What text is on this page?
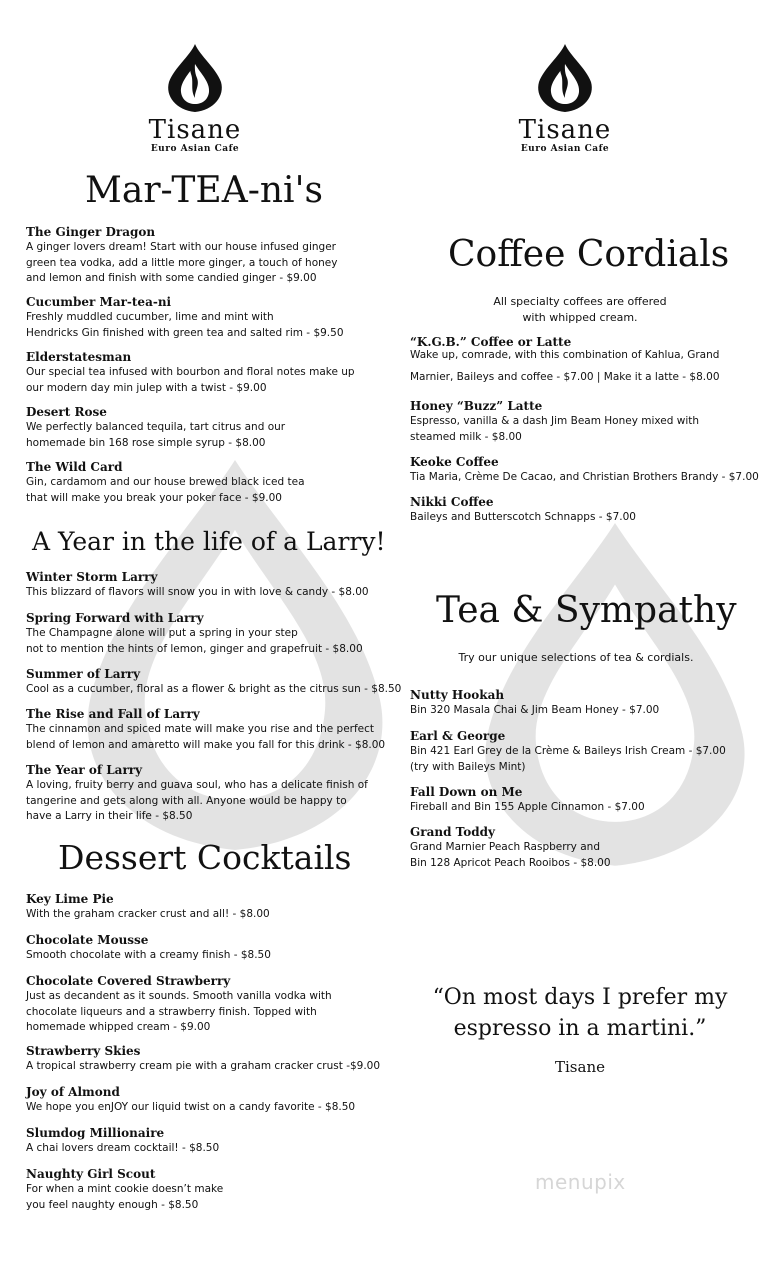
Tisane
Euro Asian Cafe
Tisane
Euro Asian Cafe
Mar-TEA-ni's
The Ginger Dragon
A ginger lovers dream! Start with our house infused ginger
green tea vodka, add a little more ginger, a touch of honey
and lemon and finish with some candied ginger - $9.00
Cucumber Mar-tea-ni
Freshly muddled cucumber, lime and mint with
Hendricks Gin finished with green tea and salted rim - $9.50
Elderstatesman
Our special tea infused with bourbon and floral notes make up
our modern day min julep with a twist - $9.00
Desert Rose
We perfectly balanced tequila, tart citrus and our
homemade bin 168 rose simple syrup - $8.00
The Wild Card
Gin, cardamom and our house brewed black iced tea
that will make you break your poker face - $9.00
A Year in the life of a Larry!
Winter Storm Larry
This blizzard of flavors will snow you in with love & candy - $8.00
Spring Forward with Larry
The Champagne alone will put a spring in your step
not to mention the hints of lemon, ginger and grapefruit - $8.00
Summer of Larry
Cool as a cucumber, floral as a flower & bright as the citrus sun - $8.50
The Rise and Fall of Larry
The cinnamon and spiced mate will make you rise and the perfect
blend of lemon and amaretto will make you fall for this drink - $8.00
The Year of Larry
A loving, fruity berry and guava soul, who has a delicate finish of
tangerine and gets along with all. Anyone would be happy to
have a Larry in their life - $8.50
Dessert Cocktails
Key Lime Pie
With the graham cracker crust and all! - $8.00
Chocolate Mousse
Smooth chocolate with a creamy finish - $8.50
Chocolate Covered Strawberry
Just as decandent as it sounds. Smooth vanilla vodka with
chocolate liqueurs and a strawberry finish. Topped with
homemade whipped cream - $9.00
Strawberry Skies
A tropical strawberry cream pie with a graham cracker crust -$9.00
Joy of Almond
We hope you enJOY our liquid twist on a candy favorite - $8.50
Slumdog Millionaire
A chai lovers dream cocktail! - $8.50
Naughty Girl Scout
For when a mint cookie doesn’t make
you feel naughty enough - $8.50
Coffee Cordials
All specialty coffees are offered
with whipped cream.
“K.G.B.” Coffee or Latte
Wake up, comrade, with this combination of Kahlua, Grand

Marnier, Baileys and coffee - $7.00 | Make it a latte - $8.00
Honey “Buzz” Latte
Espresso, vanilla & a dash Jim Beam Honey mixed with
steamed milk - $8.00
Keoke Coffee
Tia Maria, Crème De Cacao, and Christian Brothers Brandy - $7.00
Nikki Coffee
Baileys and Butterscotch Schnapps - $7.00
Tea & Sympathy
Try our unique selections of tea & cordials.
Nutty Hookah
Bin 320 Masala Chai & Jim Beam Honey - $7.00
Earl & George
Bin 421 Earl Grey de la Crème & Baileys Irish Cream - $7.00
(try with Baileys Mint)
Fall Down on Me
Fireball and Bin 155 Apple Cinnamon - $7.00
Grand Toddy
Grand Marnier Peach Raspberry and
Bin 128 Apricot Peach Rooibos - $8.00
“On most days I prefer my
espresso in a martini.”
Tisane
menupix
